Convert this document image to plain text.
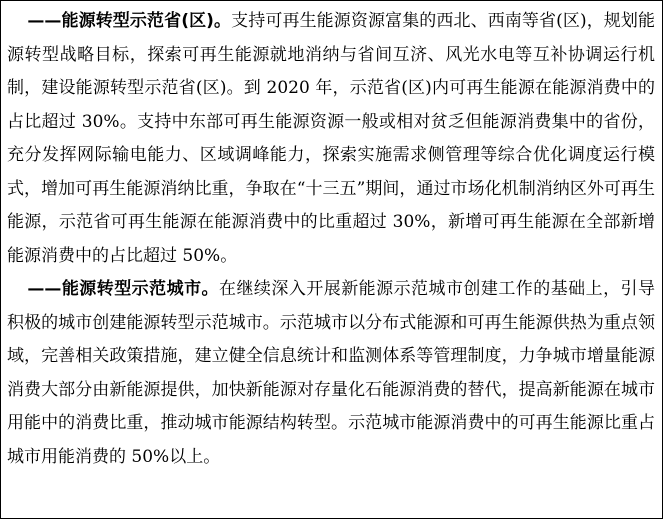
——能源转型示范省(区)。支持可再生能源资源富集的西北、西南等省(区)，规划能源转型战略目标，探索可再生能源就地消纳与省间互济、风光水电等互补协调运行机制，建设能源转型示范省(区)。到 2020 年，示范省(区)内可再生能源在能源消费中的占比超过 30%。支持中东部可再生能源资源一般或相对贫乏但能源消费集中的省份，充分发挥网际输电能力、区域调峰能力，探索实施需求侧管理等综合优化调度运行模式，增加可再生能源消纳比重，争取在“十三五”期间，通过市场化机制消纳区外可再生能源，示范省可再生能源在能源消费中的比重超过 30%，新增可再生能源在全部新增能源消费中的占比超过 50%。

——能源转型示范城市。在继续深入开展新能源示范城市创建工作的基础上，引导积极的城市创建能源转型示范城市。示范城市以分布式能源和可再生能源供热为重点领域，完善相关政策措施，建立健全信息统计和监测体系等管理制度，力争城市增量能源消费大部分由新能源提供，加快新能源对存量化石能源消费的替代，提高新能源在城市用能中的消费比重，推动城市能源结构转型。示范城市能源消费中的可再生能源比重占城市用能消费的 50%以上。
